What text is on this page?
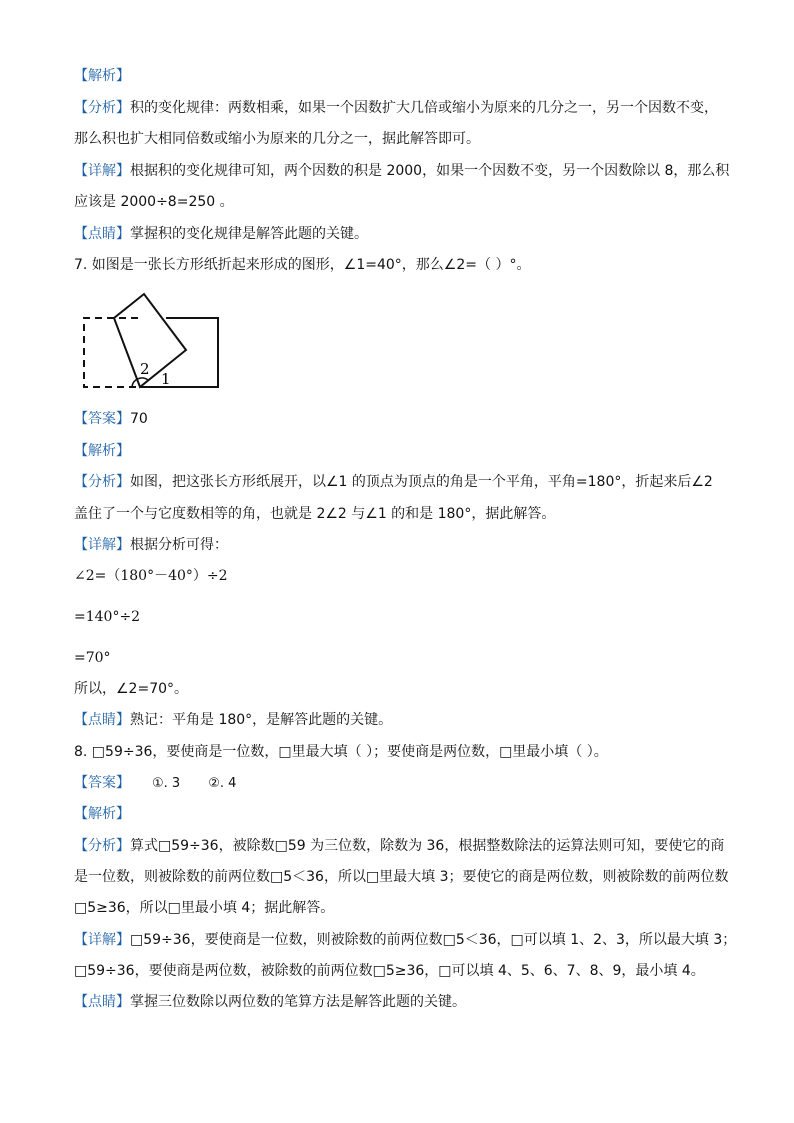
【解析】
【分析】积的变化规律：两数相乘，如果一个因数扩大几倍或缩小为原来的几分之一，另一个因数不变，
那么积也扩大相同倍数或缩小为原来的几分之一，据此解答即可。
【详解】根据积的变化规律可知，两个因数的积是 2000，如果一个因数不变，另一个因数除以 8，那么积
应该是 2000÷8=250 。
【点睛】掌握积的变化规律是解答此题的关键。
7. 如图是一张长方形纸折起来形成的图形，∠1=40°，那么∠2=（ ）°。
2
1
【答案】70
【解析】
【分析】如图，把这张长方形纸展开，以∠1 的顶点为顶点的角是一个平角，平角=180°，折起来后∠2
盖住了一个与它度数相等的角，也就是 2∠2 与∠1 的和是 180°，据此解答。
【详解】根据分析可得：
∠2=（180°－40°）÷2
=140°÷2
=70°
所以，∠2=70°。
【点睛】熟记：平角是 180°，是解答此题的关键。
8. □59÷36，要使商是一位数，□里最大填（ ）；要使商是两位数，□里最小填（ ）。
【答案】 ①. 3 ②. 4
【解析】
【分析】算式□59÷36，被除数□59 为三位数，除数为 36，根据整数除法的运算法则可知，要使它的商
是一位数，则被除数的前两位数□5＜36，所以□里最大填 3；要使它的商是两位数，则被除数的前两位数
□5≥36，所以□里最小填 4；据此解答。
【详解】□59÷36，要使商是一位数，则被除数的前两位数□5＜36，□可以填 1、2、3，所以最大填 3；
□59÷36，要使商是两位数，被除数的前两位数□5≥36，□可以填 4、5、6、7、8、9，最小填 4。
【点睛】掌握三位数除以两位数的笔算方法是解答此题的关键。
